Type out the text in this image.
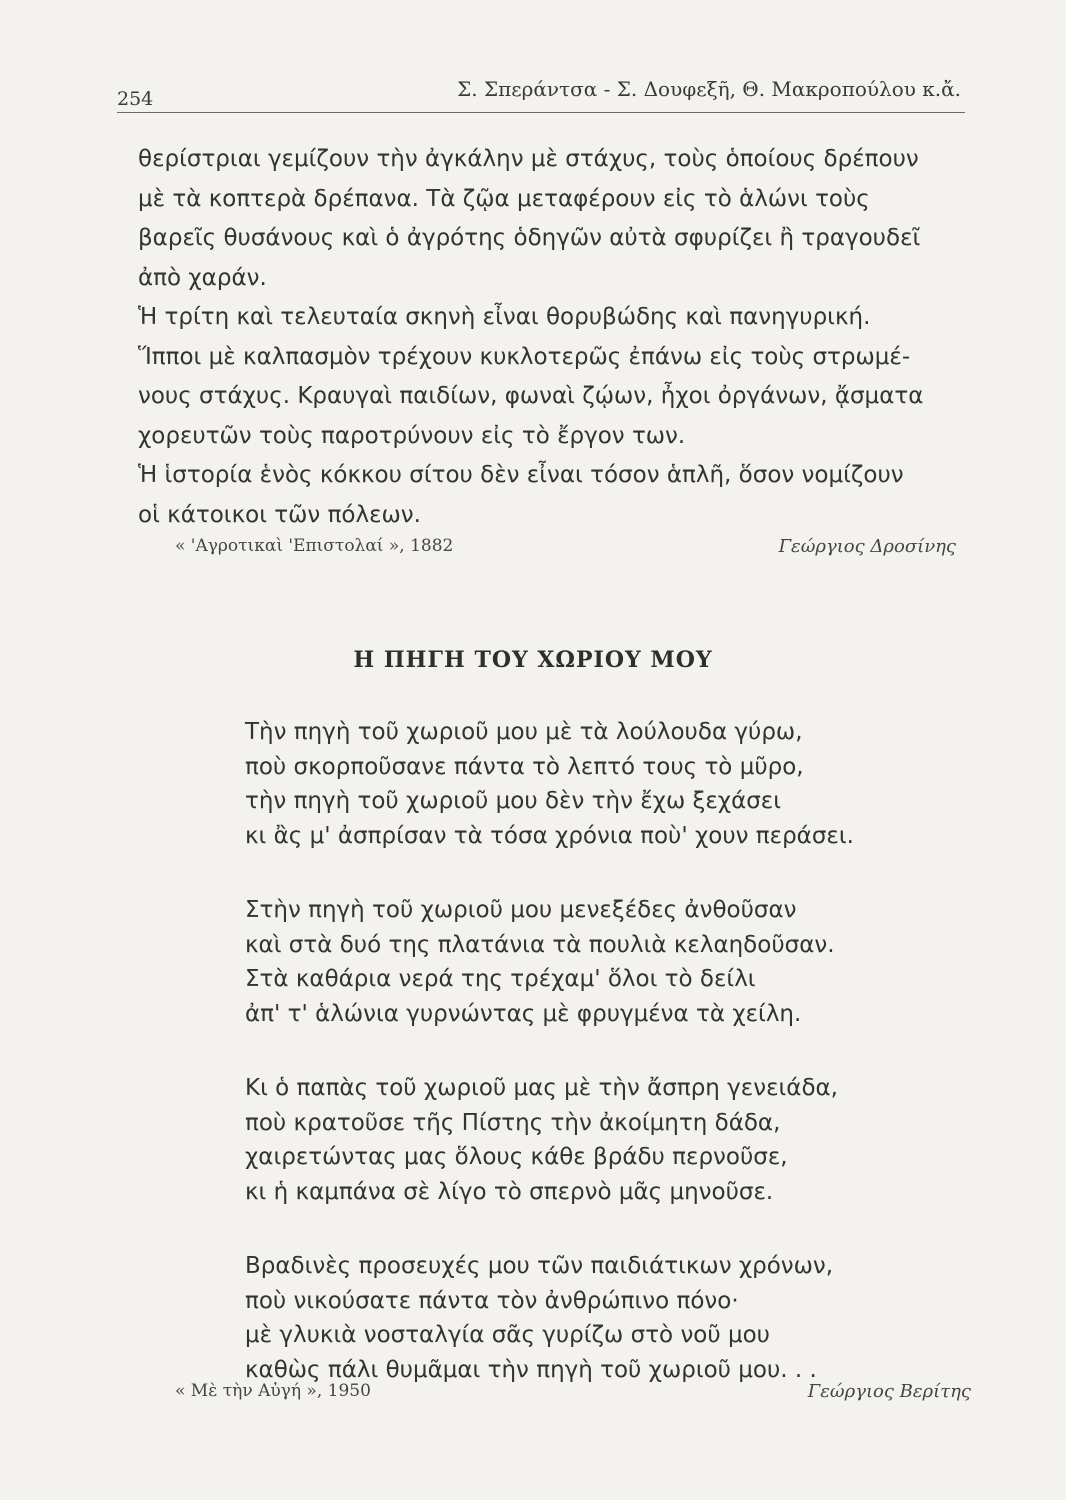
254	Σ. Σπεράντσα - Σ. Δουφεξῆ, Θ. Μακροπούλου κ.ἄ.
θερίστριαι γεμίζουν τὴν ἀγκάλην μὲ στάχυς, τοὺς ὁποίους δρέπουν
μὲ τὰ κοπτερὰ δρέπανα. Τὰ ζῷα μεταφέρουν εἰς τὸ ἁλώνι τοὺς
βαρεῖς θυσάνους καὶ ὁ ἀγρότης ὁδηγῶν αὐτὰ σφυρίζει ἢ τραγουδεῖ
ἀπὸ χαράν.
Ἡ τρίτη καὶ τελευταία σκηνὴ εἶναι θορυβώδης καὶ πανηγυρική.
Ἵπποι μὲ καλπασμὸν τρέχουν κυκλοτερῶς ἐπάνω εἰς τοὺς στρωμέ-
νους στάχυς. Κραυγαὶ παιδίων, φωναὶ ζῴων, ἦχοι ὀργάνων, ᾄσματα
χορευτῶν τοὺς παροτρύνουν εἰς τὸ ἔργον των.
Ἡ ἱστορία ἑνὸς κόκκου σίτου δὲν εἶναι τόσον ἁπλῆ, ὅσον νομίζουν
οἱ κάτοικοι τῶν πόλεων.
« 'Αγροτικαὶ 'Επιστολαί », 1882	Γεώργιος Δροσίνης
Η ΠΗΓΗ ΤΟΥ ΧΩΡΙΟΥ ΜΟΥ
Τὴν πηγὴ τοῦ χωριοῦ μου μὲ τὰ λούλουδα γύρω,
ποὺ σκορποῦσανε πάντα τὸ λεπτό τους τὸ μῦρο,
τὴν πηγὴ τοῦ χωριοῦ μου δὲν τὴν ἔχω ξεχάσει
κι ἂς μ' ἀσπρίσαν τὰ τόσα χρόνια ποὺ' χουν περάσει.
Στὴν πηγὴ τοῦ χωριοῦ μου μενεξέδες ἀνθοῦσαν
καὶ στὰ δυό της πλατάνια τὰ πουλιὰ κελαηδοῦσαν.
Στὰ καθάρια νερά της τρέχαμ' ὅλοι τὸ δείλι
ἀπ' τ' ἁλώνια γυρνώντας μὲ φρυγμένα τὰ χείλη.
Κι ὁ παπὰς τοῦ χωριοῦ μας μὲ τὴν ἄσπρη γενειάδα,
ποὺ κρατοῦσε τῆς Πίστης τὴν ἀκοίμητη δάδα,
χαιρετώντας μας ὅλους κάθε βράδυ περνοῦσε,
κι ἡ καμπάνα σὲ λίγο τὸ σπερνὸ μᾶς μηνοῦσε.
Βραδινὲς προσευχές μου τῶν παιδιάτικων χρόνων,
ποὺ νικούσατε πάντα τὸν ἀνθρώπινο πόνο·
μὲ γλυκιὰ νοσταλγία σᾶς γυρίζω στὸ νοῦ μου
καθὼς πάλι θυμᾶμαι τὴν πηγὴ τοῦ χωριοῦ μου. . .
« Μὲ τὴν Αὐγή », 1950	Γεώργιος Βερίτης
